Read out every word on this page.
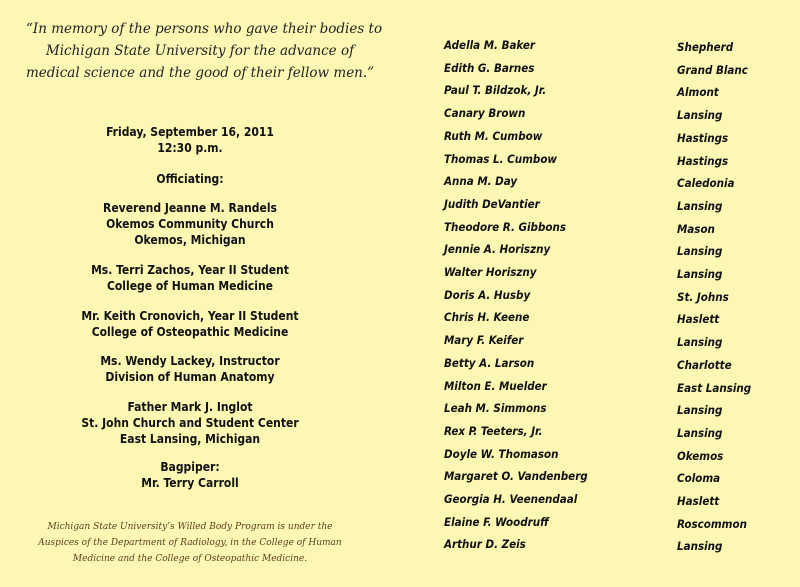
“In memory of the persons who gave their bodies to
Michigan State University for the advance of
medical science and the good of their fellow men.”
Friday, September 16, 2011
12:30 p.m.
Officiating:
Reverend Jeanne M. Randels
Okemos Community Church
Okemos, Michigan
Ms. Terri Zachos, Year II Student
College of Human Medicine
Mr. Keith Cronovich, Year II Student
College of Osteopathic Medicine
Ms. Wendy Lackey, Instructor
Division of Human Anatomy
Father Mark J. Inglot
St. John Church and Student Center
East Lansing, Michigan
Bagpiper:
Mr. Terry Carroll
Michigan State University’s Willed Body Program is under the
Auspices of the Department of Radiology, in the College of Human
Medicine and the College of Osteopathic Medicine.
Adella M. Baker	Shepherd
Edith G. Barnes	Grand Blanc
Paul T. Bildzok, Jr.	Almont
Canary Brown	Lansing
Ruth M. Cumbow	Hastings
Thomas L. Cumbow	Hastings
Anna M. Day	Caledonia
Judith DeVantier	Lansing
Theodore R. Gibbons	Mason
Jennie A. Horiszny	Lansing
Walter Horiszny	Lansing
Doris A. Husby	St. Johns
Chris H. Keene	Haslett
Mary F. Keifer	Lansing
Betty A. Larson	Charlotte
Milton E. Muelder	East Lansing
Leah M. Simmons	Lansing
Rex P. Teeters, Jr.	Lansing
Doyle W. Thomason	Okemos
Margaret O. Vandenberg	Coloma
Georgia H. Veenendaal	Haslett
Elaine F. Woodruff	Roscommon
Arthur D. Zeis	Lansing
